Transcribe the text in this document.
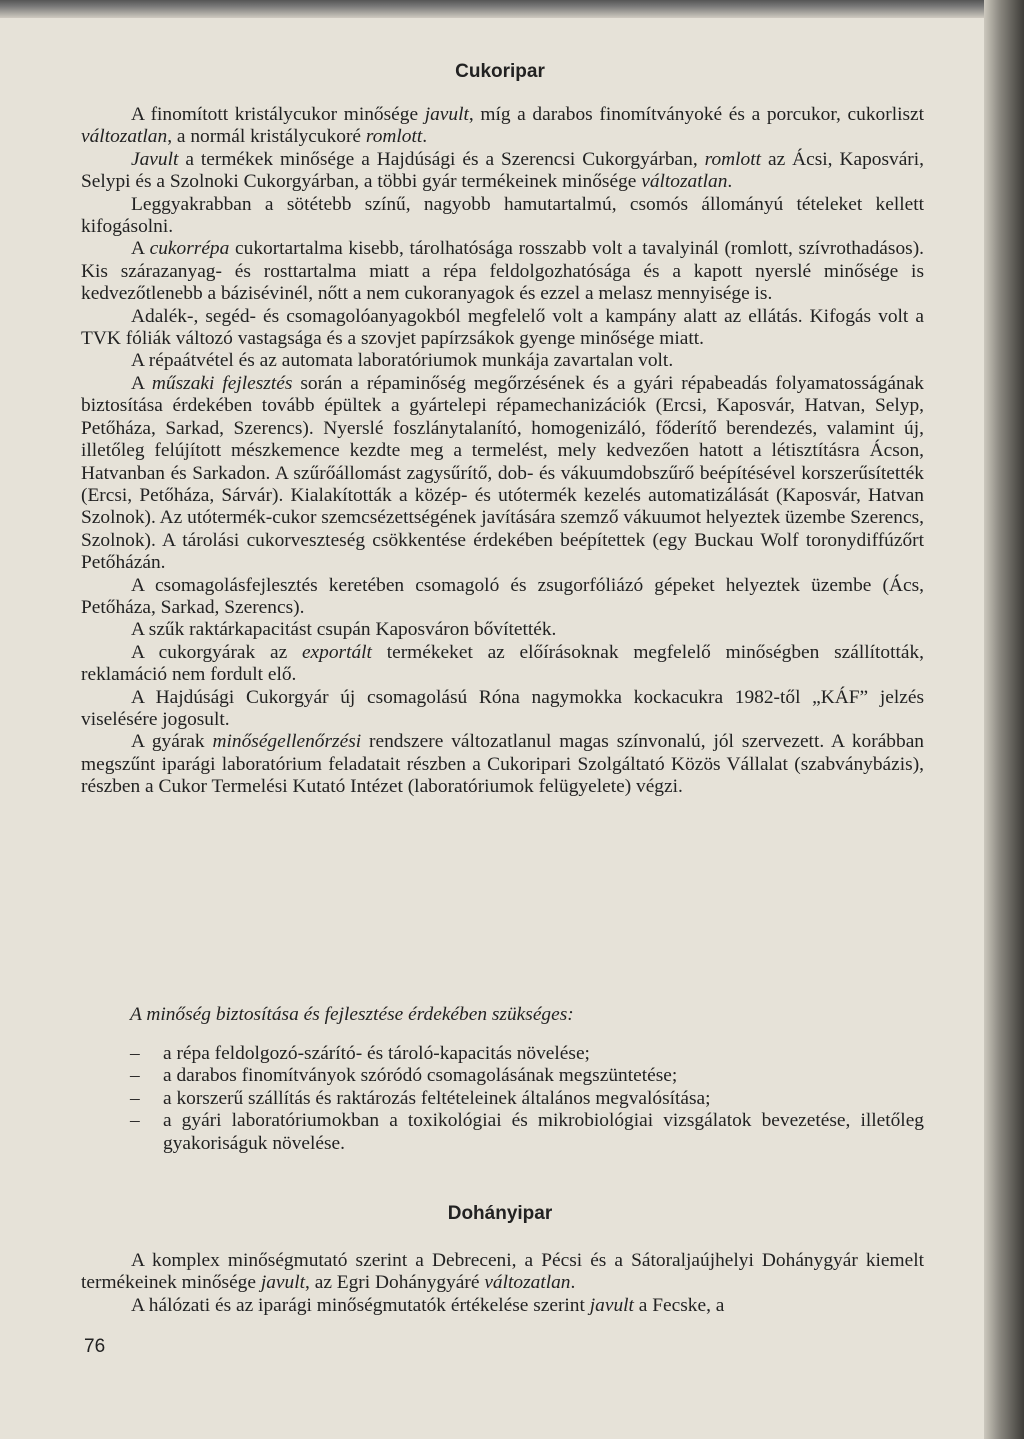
Cukoripar

A finomított kristálycukor minősége javult, míg a darabos finomítványoké és a porcukor, cukorliszt változatlan, a normál kristálycukoré romlott.

Javult a termékek minősége a Hajdúsági és a Szerencsi Cukorgyárban, romlott az Ácsi, Kaposvári, Selypi és a Szolnoki Cukorgyárban, a többi gyár termékeinek minősége változatlan.

Leggyakrabban a sötétebb színű, nagyobb hamutartalmú, csomós állományú tételeket kellett kifogásolni.

A cukorrépa cukortartalma kisebb, tárolhatósága rosszabb volt a tavalyinál (romlott, szívrothadásos). Kis szárazanyag- és rosttartalma miatt a répa feldolgozhatósága és a kapott nyerslé minősége is kedvezőtlenebb a bázisévinél, nőtt a nem cukoranyagok és ezzel a melasz mennyisége is.

Adalék-, segéd- és csomagolóanyagokból megfelelő volt a kampány alatt az ellátás. Kifogás volt a TVK fóliák változó vastagsága és a szovjet papírzsákok gyenge minősége miatt.

A répaátvétel és az automata laboratóriumok munkája zavartalan volt.

A műszaki fejlesztés során a répaminőség megőrzésének és a gyári répabeadás folyamatosságának biztosítása érdekében tovább épültek a gyártelepi répamechanizációk (Ercsi, Kaposvár, Hatvan, Selyp, Petőháza, Sarkad, Szerencs). Nyerslé foszlánytalanító, homogenizáló, főderítő berendezés, valamint új, illetőleg felújított mészkemence kezdte meg a termelést, mely kedvezően hatott a létisztításra Ácson, Hatvanban és Sarkadon. A szűrőállomást zagysűrítő, dob- és vákuumdobszűrő beépítésével korszerűsítették (Ercsi, Petőháza, Sárvár). Kialakították a közép- és utótermék kezelés automatizálását (Kaposvár, Hatvan Szolnok). Az utótermék-cukor szemcsézettségének javítására szemző vákuumot helyeztek üzembe Szerencs, Szolnok). A tárolási cukorveszteség csökkentése érdekében beépítettek (egy Buckau Wolf toronydiffúzőrt Petőházán.

A csomagolásfejlesztés keretében csomagoló és zsugorfóliázó gépeket helyeztek üzembe (Ács, Petőháza, Sarkad, Szerencs).

A szűk raktárkapacitást csupán Kaposváron bővítették.

A cukorgyárak az exportált termékeket az előírásoknak megfelelő minőségben szállították, reklamáció nem fordult elő.

A Hajdúsági Cukorgyár új csomagolású Róna nagymokka kockacukra 1982-től „KÁF” jelzés viselésére jogosult.

A gyárak minőségellenőrzési rendszere változatlanul magas színvonalú, jól szervezett. A korábban megszűnt iparági laboratórium feladatait részben a Cukoripari Szolgáltató Közös Vállalat (szabványbázis), részben a Cukor Termelési Kutató Intézet (laboratóriumok felügyelete) végzi.

A minőség biztosítása és fejlesztése érdekében szükséges:

– a répa feldolgozó-szárító- és tároló-kapacitás növelése;
– a darabos finomítványok szóródó csomagolásának megszüntetése;
– a korszerű szállítás és raktározás feltételeinek általános megvalósítása;
– a gyári laboratóriumokban a toxikológiai és mikrobiológiai vizsgálatok bevezetése, illetőleg gyakoriságuk növelése.
Dohányipar

A komplex minőségmutató szerint a Debreceni, a Pécsi és a Sátoraljaújhelyi Dohánygyár kiemelt termékeinek minősége javult, az Egri Dohánygyáré változatlan.

A hálózati és az iparági minőségmutatók értékelése szerint javult a Fecske, a

76
